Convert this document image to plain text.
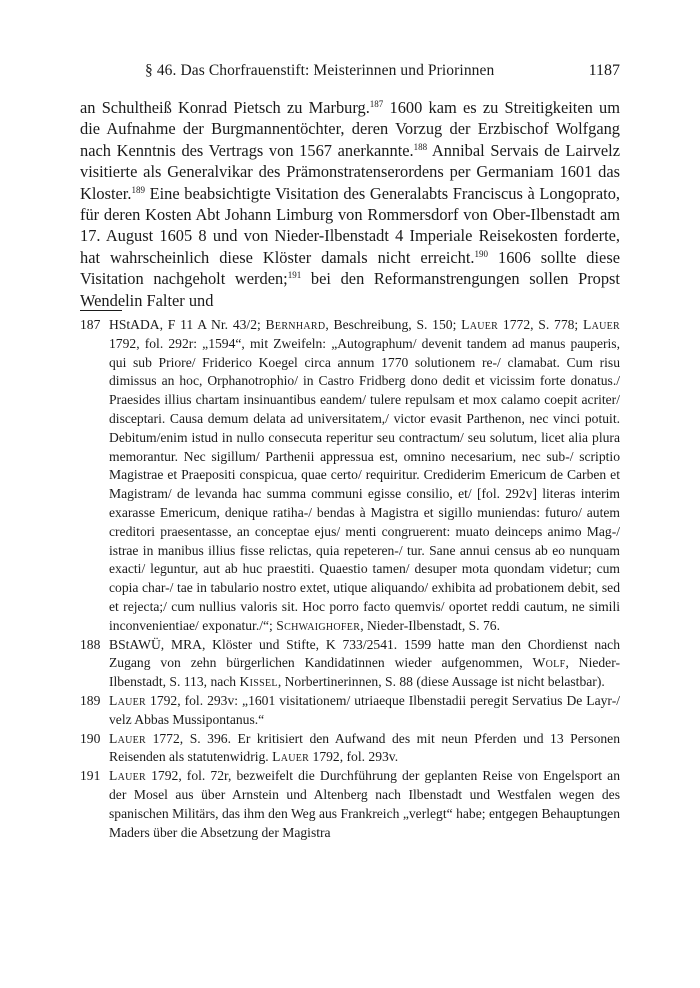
§ 46. Das Chorfrauenstift: Meisterinnen und Priorinnen	1187

an Schultheiß Konrad Pietsch zu Marburg.$^{187}$ 1600 kam es zu Streitigkeiten um die Aufnahme der Burgmannentöchter, deren Vorzug der Erzbischof Wolfgang nach Kenntnis des Vertrags von 1567 anerkannte.$^{188}$ Annibal Servais de Lairvelz visitierte als Generalvikar des Prämonstratenserordens per Germaniam 1601 das Kloster.$^{189}$ Eine beabsichtigte Visitation des Generalabts Franciscus à Longoprato, für deren Kosten Abt Johann Limburg von Rommersdorf von Ober-Ilbenstadt am 17. August 1605 8 und von Nieder-Ilbenstadt 4 Imperiale Reisekosten forderte, hat wahrscheinlich diese Klöster damals nicht erreicht.$^{190}$ 1606 sollte diese Visitation nachgeholt werden;$^{191}$ bei den Reformanstrengungen sollen Propst Wendelin Falter und

187 HStADA, F 11 A Nr. 43/2; Bernhard, Beschreibung, S. 150; Lauer 1772, S. 778; Lauer 1792, fol. 292r: „1594“, mit Zweifeln: „Autographum/ devenit tandem ad manus pauperis, qui sub Priore/ Friderico Koegel circa annum 1770 solutionem re-/ clamabat. Cum risu dimissus an hoc, Orphanotrophio/ in Castro Fridberg dono dedit et vicissim forte donatus./ Praesides illius chartam insinuantibus eandem/ tulere repulsam et mox calamo coepit acriter/ disceptari. Causa demum delata ad universitatem,/ victor evasit Parthenon, nec vinci potuit. Debitum/enim istud in nullo consecuta reperitur seu contractum/ seu solutum, licet alia plura memorantur. Nec sigillum/ Parthenii appressua est, omnino necesarium, nec sub-/ scriptio Magistrae et Praepositi conspicua, quae certo/ requiritur. Crediderim Emericum de Carben et Magistram/ de levanda hac summa communi egisse consilio, et/ [fol. 292v] literas interim exarasse Emericum, denique ratiha-/ bendas à Magistra et sigillo muniendas: futuro/ autem creditori praesentasse, an conceptae ejus/ menti congruerent: muato deinceps animo Mag-/ istrae in manibus illius fisse relictas, quia repeteren-/ tur. Sane annui census ab eo nunquam exacti/ leguntur, aut ab huc praestiti. Quaestio tamen/ desuper mota quondam videtur; cum copia char-/ tae in tabulario nostro extet, utique aliquando/ exhibita ad probationem debit, sed et rejecta;/ cum nullius valoris sit. Hoc porro facto quemvis/ oportet reddi cautum, ne simili inconvenientiae/ exponatur./“; Schwaighofer, Nieder-Ilbenstadt, S. 76.
188 BStAWÜ, MRA, Klöster und Stifte, K 733/2541. 1599 hatte man den Chordienst nach Zugang von zehn bürgerlichen Kandidatinnen wieder aufgenommen, Wolf, Nieder-Ilbenstadt, S. 113, nach Kissel, Norbertinerinnen, S. 88 (diese Aussage ist nicht belastbar).
189 Lauer 1792, fol. 293v: „1601 visitationem/ utriaeque Ilbenstadii peregit Servatius De Layr-/ velz Abbas Mussipontanus.“
190 Lauer 1772, S. 396. Er kritisiert den Aufwand des mit neun Pferden und 13 Personen Reisenden als statutenwidrig. Lauer 1792, fol. 293v.
191 Lauer 1792, fol. 72r, bezweifelt die Durchführung der geplanten Reise von Engelsport an der Mosel aus über Arnstein und Altenberg nach Ilbenstadt und Westfalen wegen des spanischen Militärs, das ihm den Weg aus Frankreich „verlegt“ habe; entgegen Behauptungen Maders über die Absetzung der Magistra
